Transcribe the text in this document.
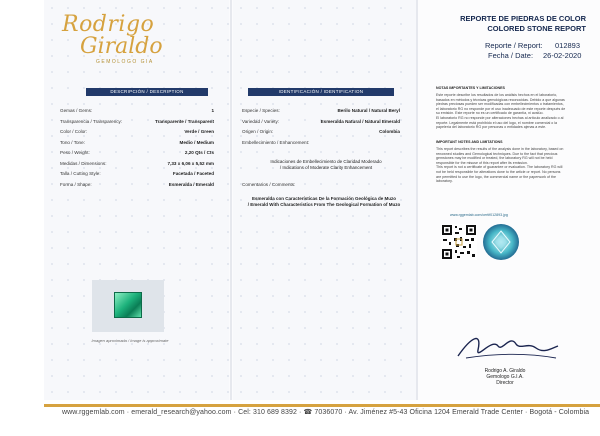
Rodrigo
Giraldo
GEMOLOGO GIA
DESCRIPCIÓN / DESCRIPTION
Gemas / Gems:	1
Transparencia / Transparency:	Transparente / Transparent
Color / Color:	Verde / Green
Tono / Tone:	Medio / Medium
Peso / Weight:	2,20 Qts / Cts
Medidas / Dimensions:	7,33 x 6,06 x 5,52 mm
Talla / Cutting Style:	Facetada / Faceted
Forma / Shape:	Esmeralda / Emerald
Imagen aproximada / Image is approximate
IDENTIFICACIÓN / IDENTIFICATION
Especie / Species:	Berilo Natural / Natural Beryl
Variedad / Variety:	Esmeralda Natural / Natural Emerald
Origen / Origin:	Colombia
Embellecimiento / Enhancement:
Indicaciones de Embellecimiento de Claridad Moderado
/ Indications of Moderate Clarity Enhancement
Comentarios / Comments:
Esmeralda con Características De la Formación Geológica de Muzo
/ Emerald With Characteristics From The Geological Formation of Muzo
REPORTE DE PIEDRAS DE COLOR
COLORED STONE REPORT
Reporte / Report: 012893
Fecha / Date: 26-02-2020
NOTAS IMPORTANTES Y LIMITACIONES
Este reporte describe los resultados de los análisis hechos en el laboratorio,
basados en métodos y técnicas gemológicas reconocidas. Debido a que algunas
piedras preciosas pueden ser modificadas con embellecimientos o tratamientos,
el laboratorio RG no responde por el uso inadecuado de este reporte después de
su emisión. Este reporte no es un certificado de garantía, ni avalúo.
El laboratorio RG no responde por alteraciones hechas al artículo analizado o al
reporte. Legalmente está prohibido el uso del logo, el nombre comercial o la
papelería del laboratorio RG por personas o entidades ajenas a este.
IMPORTANT NOTES AND LIMITATIONS
This report describes the results of the analysis done in the laboratory, based on
renowned studies and Gemological techniques. Due to the fact that precious
gemstones may be modified or treated, the laboratory RG will not be held
responsible for the misuse of this report after its emission.
This report is not a certificate of guarantee or evaluation. The laboratory RG will
not be held responsible for alterations done to the article or report. No persons
are permitted to use the logo, the commercial name or the paperwork of the
laboratory.
www.rggemlab.com/certif012893.jpg
Rodrigo A. Giraldo
Gemologo G.I.A.
Director
www.rggemlab.com · emerald_research@yahoo.com · Cel: 310 689 8392 · ☎ 7036070 · Av. Jiménez #5-43 Oficina 1204 Emerald Trade Center · Bogotá - Colombia
